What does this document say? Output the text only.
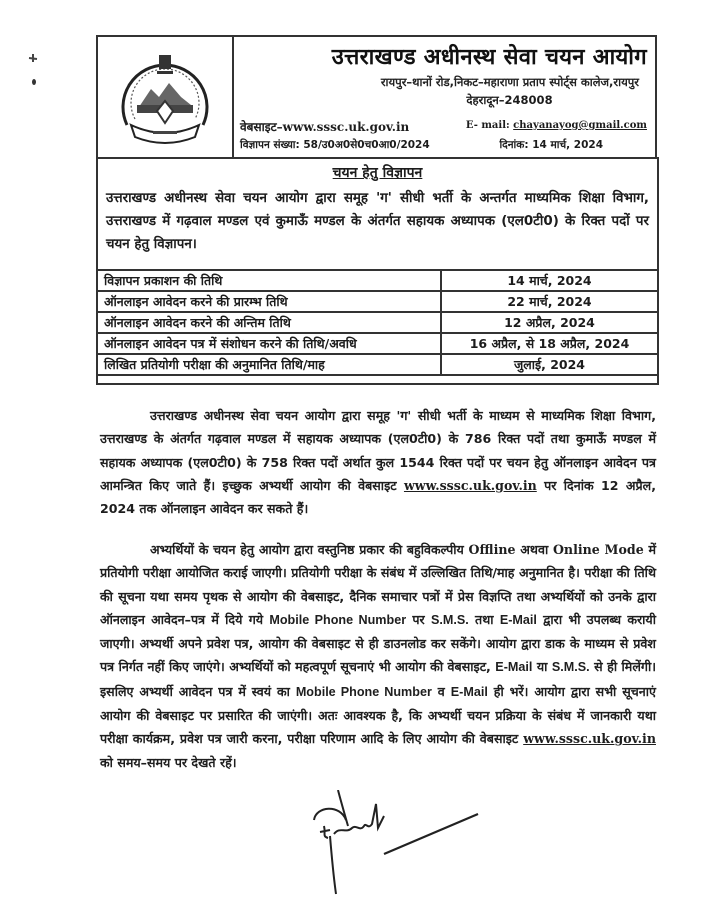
उत्तराखण्ड अधीनस्थ सेवा चयन आयोग
रायपुर–थानों रोड,निकट–महाराणा प्रताप स्पोर्ट्स कालेज,रायपुर
देहरादून–248008
वेबसाइट–www.sssc.uk.gov.in	E- mail: chayanayog@gmail.com
विज्ञापन संख्या: 58/उ0अ0से0च0आ0/2024	दिनांक: 14 मार्च, 2024
चयन हेतु विज्ञापन
उत्तराखण्ड अधीनस्थ सेवा चयन आयोग द्वारा समूह 'ग' सीधी भर्ती के अन्तर्गत माध्यमिक शिक्षा विभाग, उत्तराखण्ड में गढ़वाल मण्डल एवं कुमाऊँ मण्डल के अंतर्गत सहायक अध्यापक (एल0टी0) के रिक्त पदों पर चयन हेतु विज्ञापन।
विज्ञापन प्रकाशन की तिथि	14 मार्च, 2024
ऑनलाइन आवेदन करने की प्रारम्भ तिथि	22 मार्च, 2024
ऑनलाइन आवेदन करने की अन्तिम तिथि	12 अप्रैल, 2024
ऑनलाइन आवेदन पत्र में संशोधन करने की तिथि/अवधि	16 अप्रैल, से 18 अप्रैल, 2024
लिखित प्रतियोगी परीक्षा की अनुमानित तिथि/माह	जुलाई, 2024
उत्तराखण्ड अधीनस्थ सेवा चयन आयोग द्वारा समूह 'ग' सीधी भर्ती के माध्यम से माध्यमिक शिक्षा विभाग, उत्तराखण्ड के अंतर्गत गढ़वाल मण्डल में सहायक अध्यापक (एल0टी0) के 786 रिक्त पदों तथा कुमाऊँ मण्डल में सहायक अध्यापक (एल0टी0) के 758 रिक्त पदों अर्थात कुल 1544 रिक्त पदों पर चयन हेतु ऑनलाइन आवेदन पत्र आमन्त्रित किए जाते हैं। इच्छुक अभ्यर्थी आयोग की वेबसाइट www.sssc.uk.gov.in पर दिनांक 12 अप्रैल, 2024 तक ऑनलाइन आवेदन कर सकते हैं।
अभ्यर्थियों के चयन हेतु आयोग द्वारा वस्तुनिष्ठ प्रकार की बहुविकल्पीय Offline अथवा Online Mode में प्रतियोगी परीक्षा आयोजित कराई जाएगी। प्रतियोगी परीक्षा के संबंध में उल्लिखित तिथि/माह अनुमानित है। परीक्षा की तिथि की सूचना यथा समय पृथक से आयोग की वेबसाइट, दैनिक समाचार पत्रों में प्रेस विज्ञप्ति तथा अभ्यर्थियों को उनके द्वारा ऑनलाइन आवेदन–पत्र में दिये गये Mobile Phone Number पर S.M.S. तथा E-Mail द्वारा भी उपलब्ध करायी जाएगी। अभ्यर्थी अपने प्रवेश पत्र, आयोग की वेबसाइट से ही डाउनलोड कर सकेंगे। आयोग द्वारा डाक के माध्यम से प्रवेश पत्र निर्गत नहीं किए जाएंगे। अभ्यर्थियों को महत्वपूर्ण सूचनाएं भी आयोग की वेबसाइट, E-Mail या S.M.S. से ही मिलेंगी। इसलिए अभ्यर्थी आवेदन पत्र में स्वयं का Mobile Phone Number व E-Mail ही भरें। आयोग द्वारा सभी सूचनाएं आयोग की वेबसाइट पर प्रसारित की जाएंगी। अतः आवश्यक है, कि अभ्यर्थी चयन प्रक्रिया के संबंध में जानकारी यथा परीक्षा कार्यक्रम, प्रवेश पत्र जारी करना, परीक्षा परिणाम आदि के लिए आयोग की वेबसाइट www.sssc.uk.gov.in को समय–समय पर देखते रहें।
